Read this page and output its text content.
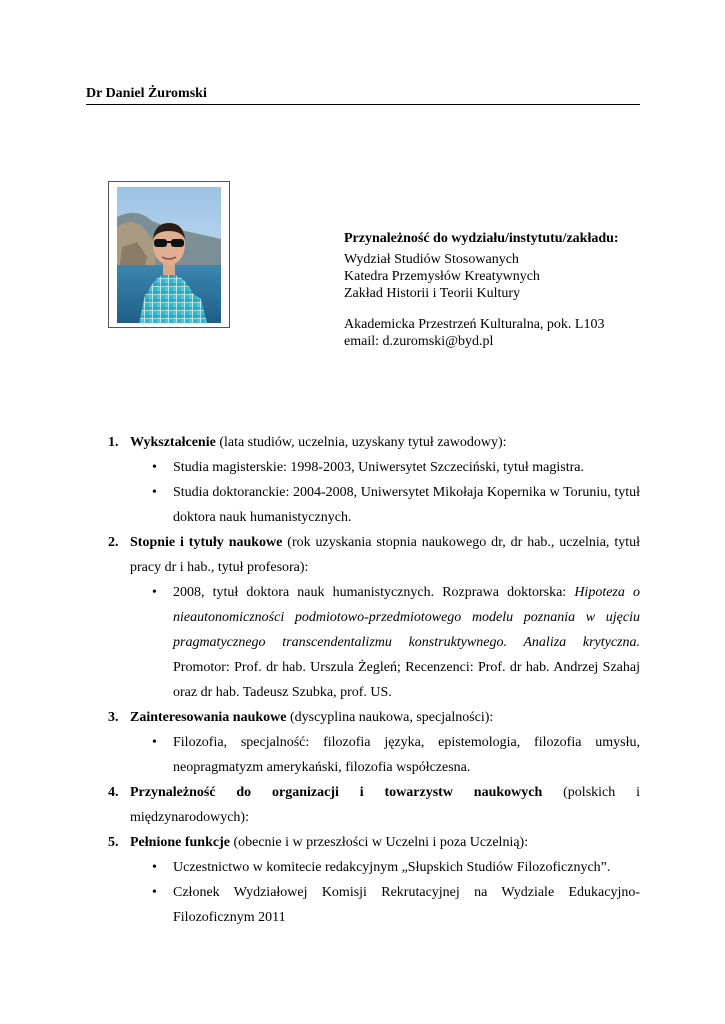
Dr Daniel Żuromski
Przynależność do wydziału/instytutu/zakładu:
Wydział Studiów Stosowanych
Katedra Przemysłów Kreatywnych
Zakład Historii i Teorii Kultury
Akademicka Przestrzeń Kulturalna, pok. L103
email: d.zuromski@byd.pl
1. Wykształcenie (lata studiów, uczelnia, uzyskany tytuł zawodowy):
• Studia magisterskie: 1998-2003, Uniwersytet Szczeciński, tytuł magistra.
• Studia doktoranckie: 2004-2008, Uniwersytet Mikołaja Kopernika w Toruniu, tytuł doktora nauk humanistycznych.
2. Stopnie i tytuły naukowe (rok uzyskania stopnia naukowego dr, dr hab., uczelnia, tytuł pracy dr i hab., tytuł profesora):
• 2008, tytuł doktora nauk humanistycznych. Rozprawa doktorska: Hipoteza o nieautonomiczności podmiotowo-przedmiotowego modelu poznania w ujęciu pragmatycznego transcendentalizmu konstruktywnego. Analiza krytyczna. Promotor: Prof. dr hab. Urszula Żegleń; Recenzenci: Prof. dr hab. Andrzej Szahaj oraz dr hab. Tadeusz Szubka, prof. US.
3. Zainteresowania naukowe (dyscyplina naukowa, specjalności):
• Filozofia, specjalność: filozofia języka, epistemologia, filozofia umysłu, neopragmatyzm amerykański, filozofia współczesna.
4. Przynależność do organizacji i towarzystw naukowych (polskich i międzynarodowych):
5. Pełnione funkcje (obecnie i w przeszłości w Uczelni i poza Uczelnią):
• Uczestnictwo w komitecie redakcyjnym „Słupskich Studiów Filozoficznych”.
• Członek Wydziałowej Komisji Rekrutacyjnej na Wydziale Edukacyjno-Filozoficznym 2011
